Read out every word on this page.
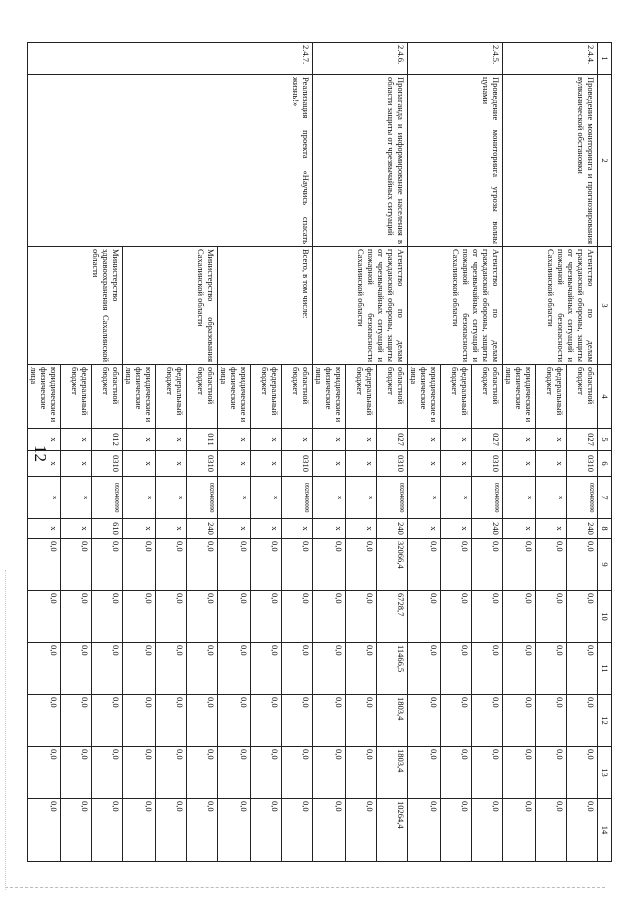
12
1	2	3	4	5	6	7	8	9	10	11	12	13	14
2.4.4.	Проведение мониторинга и прогнозирования вулканической обстановки	Агентство по делам гражданской обороны, защиты от чрезвычайных ситуаций и пожарной безопасности Сахалинской области	областной бюджет	027	0310	0920400990	240	0,0	0,0	0,0	0,0	0,0	0,0
			федеральный бюджет	x	x	x	x	0,0	0,0	0,0	0,0	0,0	0,0
			юридические и физические лица	x	x	x	x	0,0	0,0	0,0	0,0	0,0	0,0
2.4.5.	Проведение мониторинга угрозы волны цунами	Агентство по делам гражданской обороны, защиты от чрезвычайных ситуаций и пожарной безопасности Сахалинской области	областной бюджет	027	0310	0920400990	240	0,0	0,0	0,0	0,0	0,0	0,0
			федеральный бюджет	x	x	x	x	0,0	0,0	0,0	0,0	0,0	0,0
			юридические и физические лица	x	x	x	x	0,0	0,0	0,0	0,0	0,0	0,0
2.4.6.	Пропаганда и информирование населения в области защиты от чрезвычайных ситуаций	Агентство по делам гражданской обороны, защиты от чрезвычайных ситуаций и пожарной безопасности Сахалинской области	областной бюджет	027	0310	0920400990	240	32066,4	6728,7	11466,5	1803,4	1803,4	10264,4
			федеральный бюджет	x	x	x	x	0,0	0,0	0,0	0,0	0,0	0,0
			юридические и физические лица	x	x	x	x	0,0	0,0	0,0	0,0	0,0	0,0
2.4.7.	Реализация проекта «Научись спасать жизнь!»	Всего, в том числе:	областной бюджет	x	0310	0920400000	x	0,0	0,0	0,0	0,0	0,0	0,0
			федеральный бюджет	x	x	x	x	0,0	0,0	0,0	0,0	0,0	0,0
			юридические и физические лица	x	x	x	x	0,0	0,0	0,0	0,0	0,0	0,0
		Министерство образования Сахалинской области	областной бюджет	011	0310	0920400990	240	0,0	0,0	0,0	0,0	0,0	0,0
			федеральный бюджет	x	x	x	x	0,0	0,0	0,0	0,0	0,0	0,0
			юридические и физические лица	x	x	x	x	0,0	0,0	0,0	0,0	0,0	0,0
		Министерство здравоохранения Сахалинской области	областной бюджет	012	0310	0920400990	610	0,0	0,0	0,0	0,0	0,0	0,0
			федеральный бюджет	x	x	x	x	0,0	0,0	0,0	0,0	0,0	0,0
			юридические и физические лица	x	x	x	x	0,0	0,0	0,0	0,0	0,0	0,0
